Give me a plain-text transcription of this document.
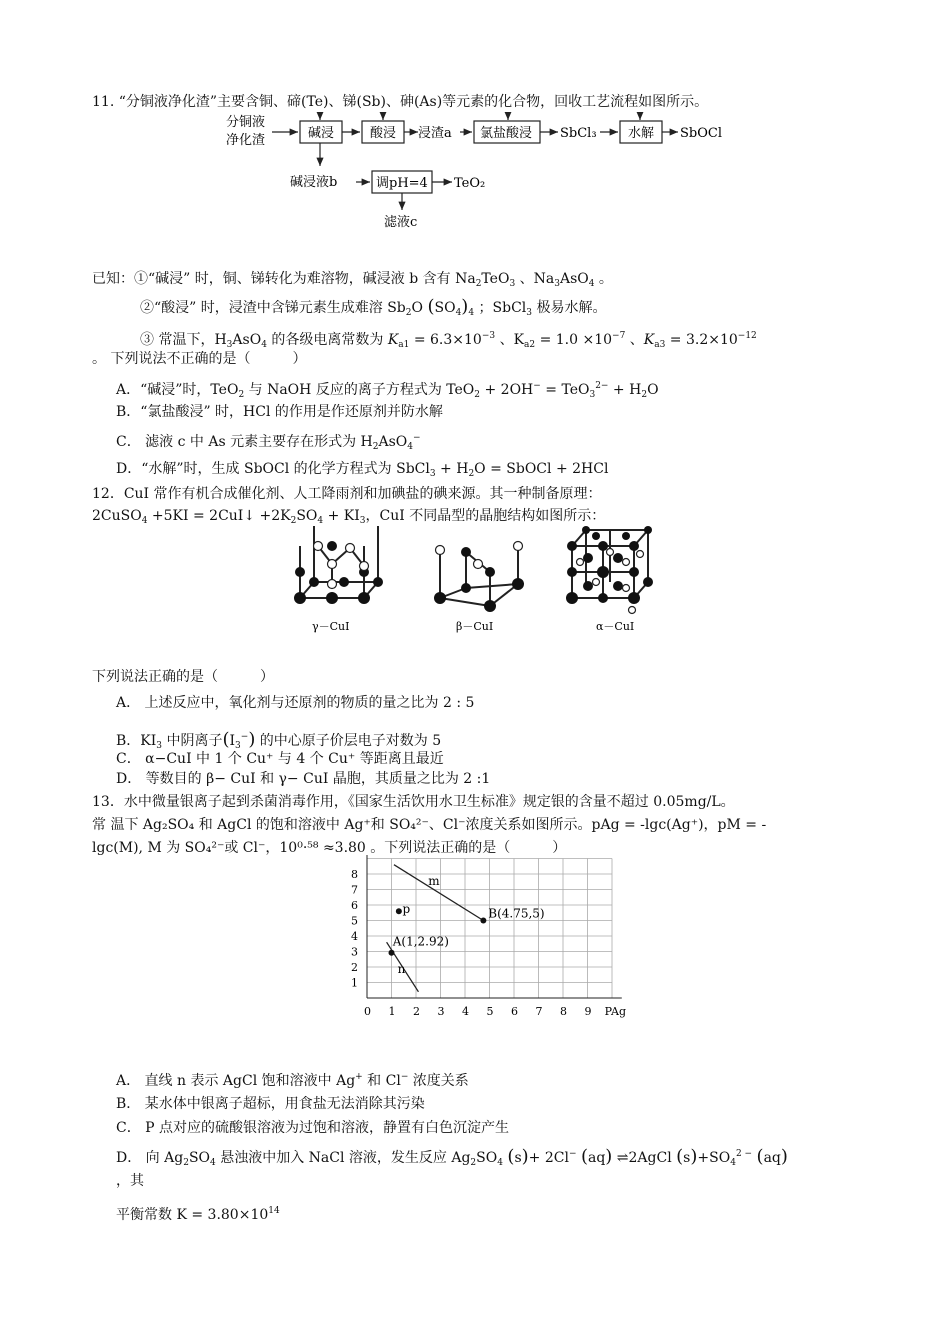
11. “分铜液净化渣”主要含铜、碲(Te)、锑(Sb)、砷(As)等元素的化合物，回收工艺流程如图所示。
分铜液
净化渣	碱浸	酸浸 浸渣a 氯盐酸浸 SbCl₃ 水解 SbOCl
碱浸液b	调pH=4 TeO₂
滤液c
已知：①“碱浸” 时，铜、锑转化为难溶物，碱浸液 b 含有 $Na_2TeO_3$ 、$Na_3AsO_4$ 。
②“酸浸” 时，浸渣中含锑元素生成难溶 $Sb_2O$ $(SO_4)_4$ ；SbCl$_3$ 极易水解。
③ 常温下，$H_3AsO_4$ 的各级电离常数为 $K_{a1} = 6.3\times 10^{-3}$ 、$K_{a2} = 1.0 \times 10^{-7}$ 、$K_{a3} = 3.2\times 10^{-12}$
。 下列说法不正确的是（　　　）
A．“碱浸”时，TeO$_2$ 与 NaOH 反应的离子方程式为 $TeO_2 + 2OH^- = TeO_3^{2-} + H_2O$
B．“氯盐酸浸” 时，HCl 的作用是作还原剂并防水解
C． 滤液 c 中 As 元素主要存在形式为 $H_2AsO_4^-$
D．“水解”时，生成 SbOCl 的化学方程式为 SbCl$_3$ + $H_2O$ = SbOCl + 2HCl
12．CuI 常作有机合成催化剂、人工降雨剂和加碘盐的碘来源。其一种制备原理：
2CuSO$_4$ +5KI = 2CuI↓ $+2K_2SO_4 + KI_3$，CuI 不同晶型的晶胞结构如图所示：
γ－CuI	β－CuI	α－CuI
下列说法正确的是（　　　）
A． 上述反应中，氧化剂与还原剂的物质的量之比为 2 : 5
B．$KI_3$ 中阴离子$(I_3^-)$ 的中心原子价层电子对数为 5
C． α−CuI 中 1 个 Cu⁺ 与 4 个 Cu⁺ 等距离且最近
D． 等数目的 β− CuI 和 γ− CuI 晶胞，其质量之比为 2 :1
13．水中微量银离子起到杀菌消毒作用，《国家生活饮用水卫生标准》规定银的含量不超过 0.05mg/L。
常 温下 Ag₂SO₄ 和 AgCl 的饱和溶液中 Ag⁺和 SO₄²⁻、Cl⁻浓度关系如图所示。pAg = -lgc(Ag⁺)，pM = -
lgc(M), M 为 SO₄²⁻或 Cl⁻，10⁰·⁵⁸ ≈3.80 。下列说法正确的是（　　　）
0 1 2 3 4 5 6 7 8 9 PAg
1
2
3
4
5
6
7
8	m
n
p
A(1,2.92)
B(4.75,5)
A． 直线 n 表示 AgCl 饱和溶液中 Ag+ 和 Cl− 浓度关系
B． 某水体中银离子超标，用食盐无法消除其污染
C． P 点对应的硫酸银溶液为过饱和溶液，静置有白色沉淀产生
D． 向 $Ag_2SO_4$ 悬浊液中加入 NaCl 溶液，发生反应 $Ag_2SO_4$ (s)+ 2Cl− (aq) ⇌2AgCl $(s)+SO_4^{2 -}$ (aq)
，其
平衡常数 $K = 3.80\times 10^{14}$
